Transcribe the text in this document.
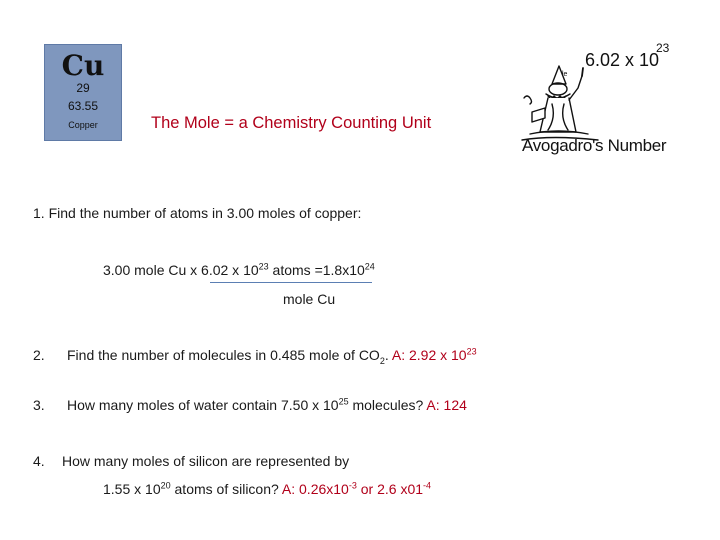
Cu
29
63.55
Copper	The Mole = a Chemistry Counting Unit
le
6.02 x 10
23
Avogadro's Number
1. Find the number of atoms in 3.00 moles of copper:
3.00 mole Cu x 6.02 x $10^{23}$ atoms $=1.8x10^{24}$
mole Cu
2. Find the number of molecules in 0.485 mole of $CO_2$. A: 2.92 x $10^{23}$
3. How many moles of water contain 7.50 x $10^{25}$ molecules? A: 124
4. How many moles of silicon are represented by
1.55 x $10^{20}$ atoms of silicon? A: $0.26x10^{-3}$ or 2.6 $x01^{-4}$
